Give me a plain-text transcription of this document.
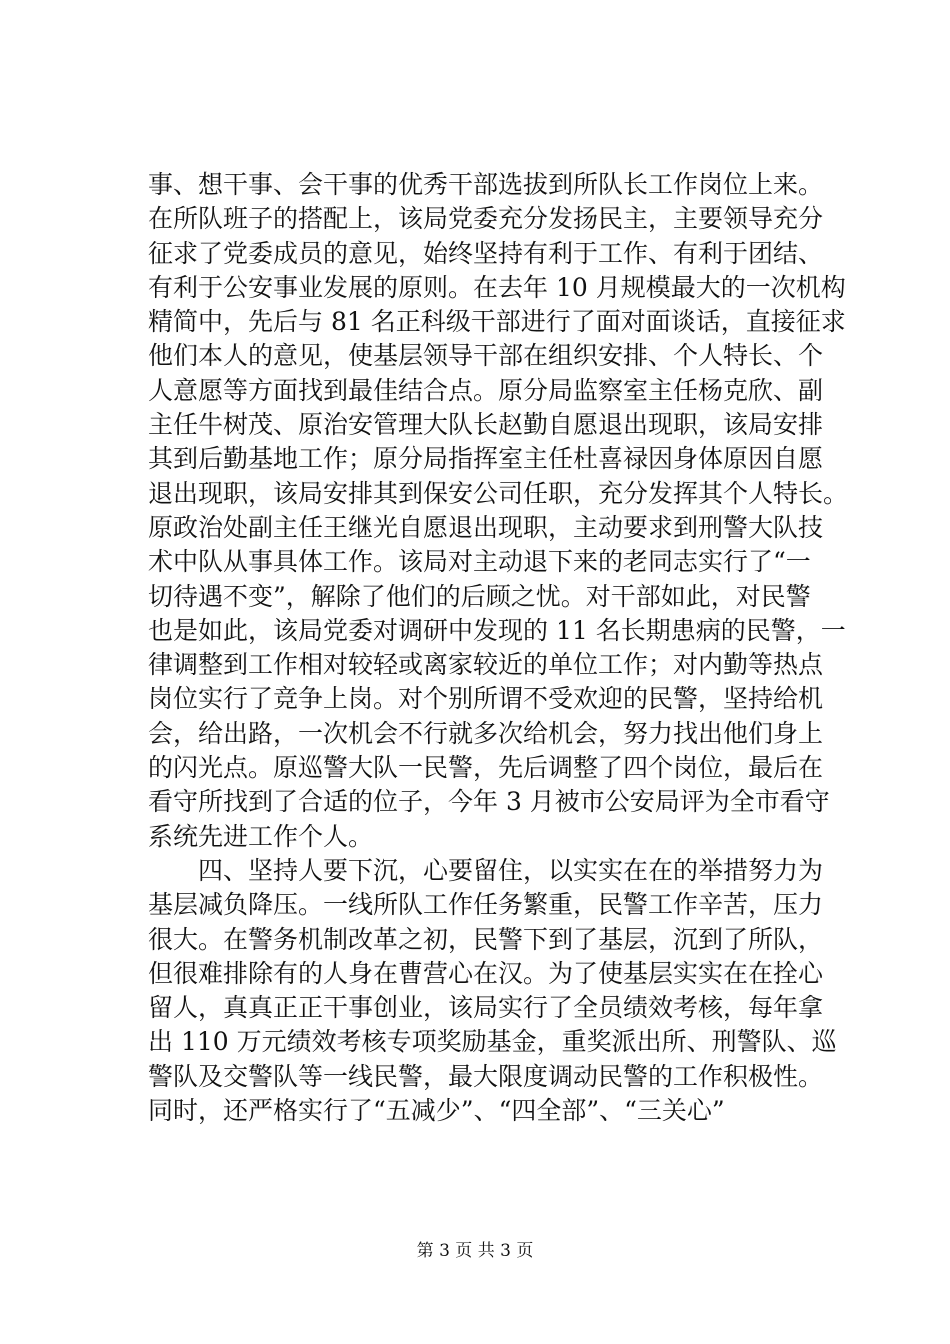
事、想干事、会干事的优秀干部选拔到所队长工作岗位上来。
在所队班子的搭配上，该局党委充分发扬民主，主要领导充分
征求了党委成员的意见，始终坚持有利于工作、有利于团结、
有利于公安事业发展的原则。在去年 10 月规模最大的一次机构
精简中，先后与 81 名正科级干部进行了面对面谈话，直接征求
他们本人的意见，使基层领导干部在组织安排、个人特长、个
人意愿等方面找到最佳结合点。原分局监察室主任杨克欣、副
主任牛树茂、原治安管理大队长赵勤自愿退出现职，该局安排
其到后勤基地工作；原分局指挥室主任杜喜禄因身体原因自愿
退出现职，该局安排其到保安公司任职，充分发挥其个人特长。
原政治处副主任王继光自愿退出现职，主动要求到刑警大队技
术中队从事具体工作。该局对主动退下来的老同志实行了“一
切待遇不变”，解除了他们的后顾之忧。对干部如此，对民警
也是如此，该局党委对调研中发现的 11 名长期患病的民警，一
律调整到工作相对较轻或离家较近的单位工作；对内勤等热点
岗位实行了竞争上岗。对个别所谓不受欢迎的民警，坚持给机
会，给出路，一次机会不行就多次给机会，努力找出他们身上
的闪光点。原巡警大队一民警，先后调整了四个岗位，最后在
看守所找到了合适的位子，今年 3 月被市公安局评为全市看守
系统先进工作个人。
四、坚持人要下沉，心要留住，以实实在在的举措努力为
基层减负降压。一线所队工作任务繁重，民警工作辛苦，压力
很大。在警务机制改革之初，民警下到了基层，沉到了所队，
但很难排除有的人身在曹营心在汉。为了使基层实实在在拴心
留人，真真正正干事创业，该局实行了全员绩效考核，每年拿
出 110 万元绩效考核专项奖励基金，重奖派出所、刑警队、巡
警队及交警队等一线民警，最大限度调动民警的工作积极性。
同时，还严格实行了“五减少”、“四全部”、“三关心”
第 3 页 共 3 页
